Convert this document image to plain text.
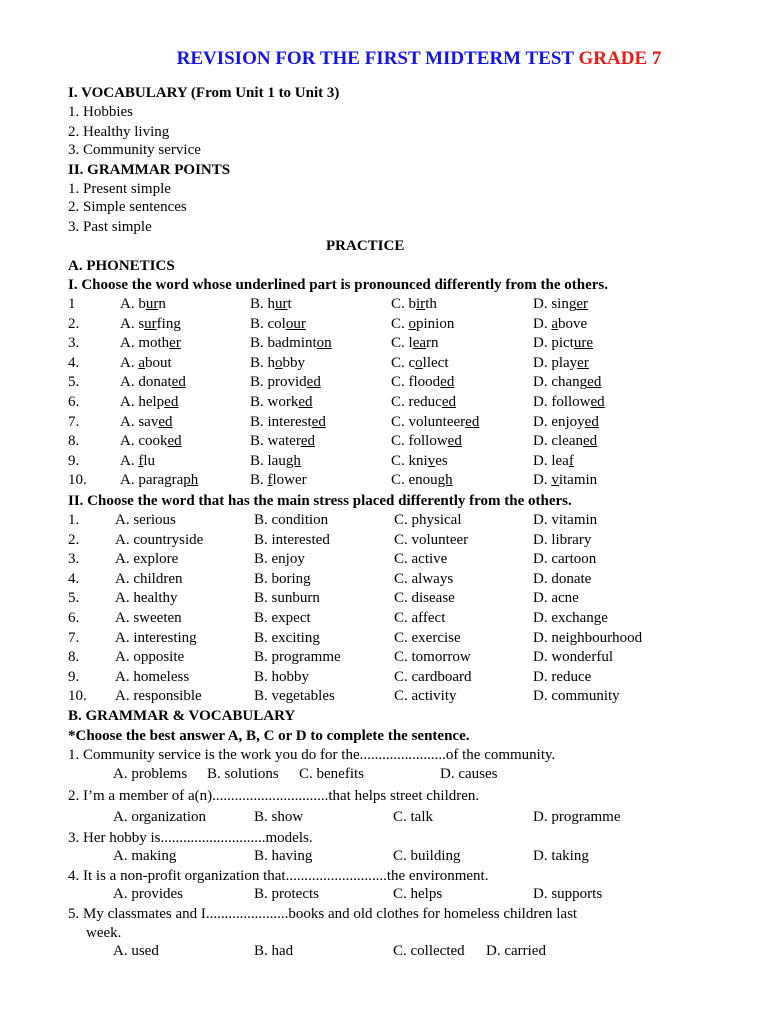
REVISION FOR THE FIRST MIDTERM TEST GRADE 7
I. VOCABULARY (From Unit 1 to Unit 3)
1. Hobbies
2. Healthy living
3. Community service
II. GRAMMAR POINTS
1. Present simple
2. Simple sentences
3. Past simple
PRACTICE
A. PHONETICS
I. Choose the word whose underlined part is pronounced differently from the others.
1	A. burn	B. hurt	C. birth	D. singer
2.	A. surfing	B. colour	C. opinion	D. above
3.	A. mother	B. badminton	C. learn	D. picture
4.	A. about	B. hobby	C. collect	D. player
5.	A. donated	B. provided	C. flooded	D. changed
6.	A. helped	B. worked	C. reduced	D. followed
7.	A. saved	B. interested	C. volunteered	D. enjoyed
8.	A. cooked	B. watered	C. followed	D. cleaned
9.	A. flu	B. laugh	C. knives	D. leaf
10. A. paragraph	B. flower	C. enough	D. vitamin
II. Choose the word that has the main stress placed differently from the others.
1. A. serious	B. condition	C. physical	D. vitamin
2. A. countryside	B. interested	C. volunteer	D. library
3. A. explore	B. enjoy	C. active	D. cartoon
4. A. children	B. boring	C. always	D. donate
5. A. healthy	B. sunburn	C. disease	D. acne
6. A. sweeten	B. expect	C. affect	D. exchange
7. A. interesting	B. exciting	C. exercise	D. neighbourhood
8. A. opposite	B. programme	C. tomorrow	D. wonderful
9. A. homeless	B. hobby	C. cardboard	D. reduce
10. A. responsible	B. vegetables	C. activity	D. community
B. GRAMMAR & VOCABULARY
*Choose the best answer A, B, C or D to complete the sentence.
1. Community service is the work you do for the.......................of the community.
A. problems B. solutions C. benefits	D. causes
2. I’m a member of a(n)...............................that helps street children.
A. organization	B. show	C. talk	D. programme
3. Her hobby is............................models.
A. making	B. having	C. building	D. taking
4. It is a non-profit organization that...........................the environment.
A. provides	B. protects	C. helps	D. supports
5. My classmates and I......................books and old clothes for homeless children last
week.
A. used	B. had	C. collected D. carried
